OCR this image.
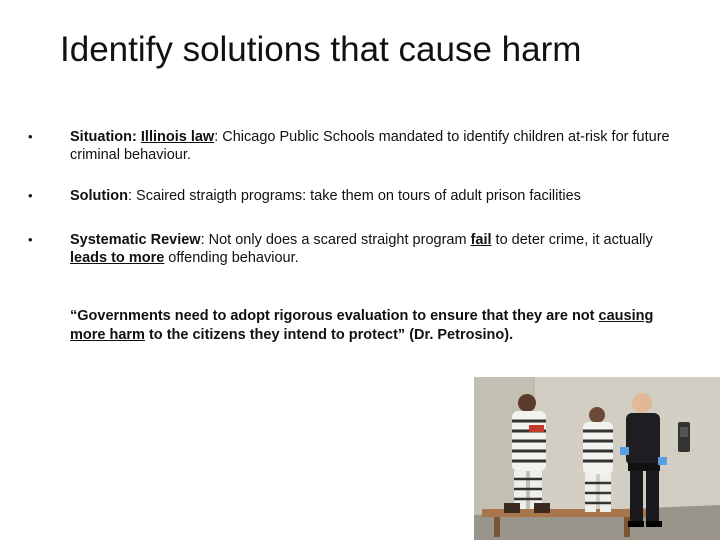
Identify solutions that cause harm
•	Situation: Illinois law: Chicago Public Schools mandated to identify children at-risk for future criminal behaviour.
•	Solution: Scaired straigth programs: take them on tours of adult prison facilities
•	Systematic Review: Not only does a scared straight program fail to deter crime, it actually leads to more offending behaviour.
“Governments need to adopt rigorous evaluation to ensure that they are not causing more harm to the citizens they intend to protect” (Dr. Petrosino).
